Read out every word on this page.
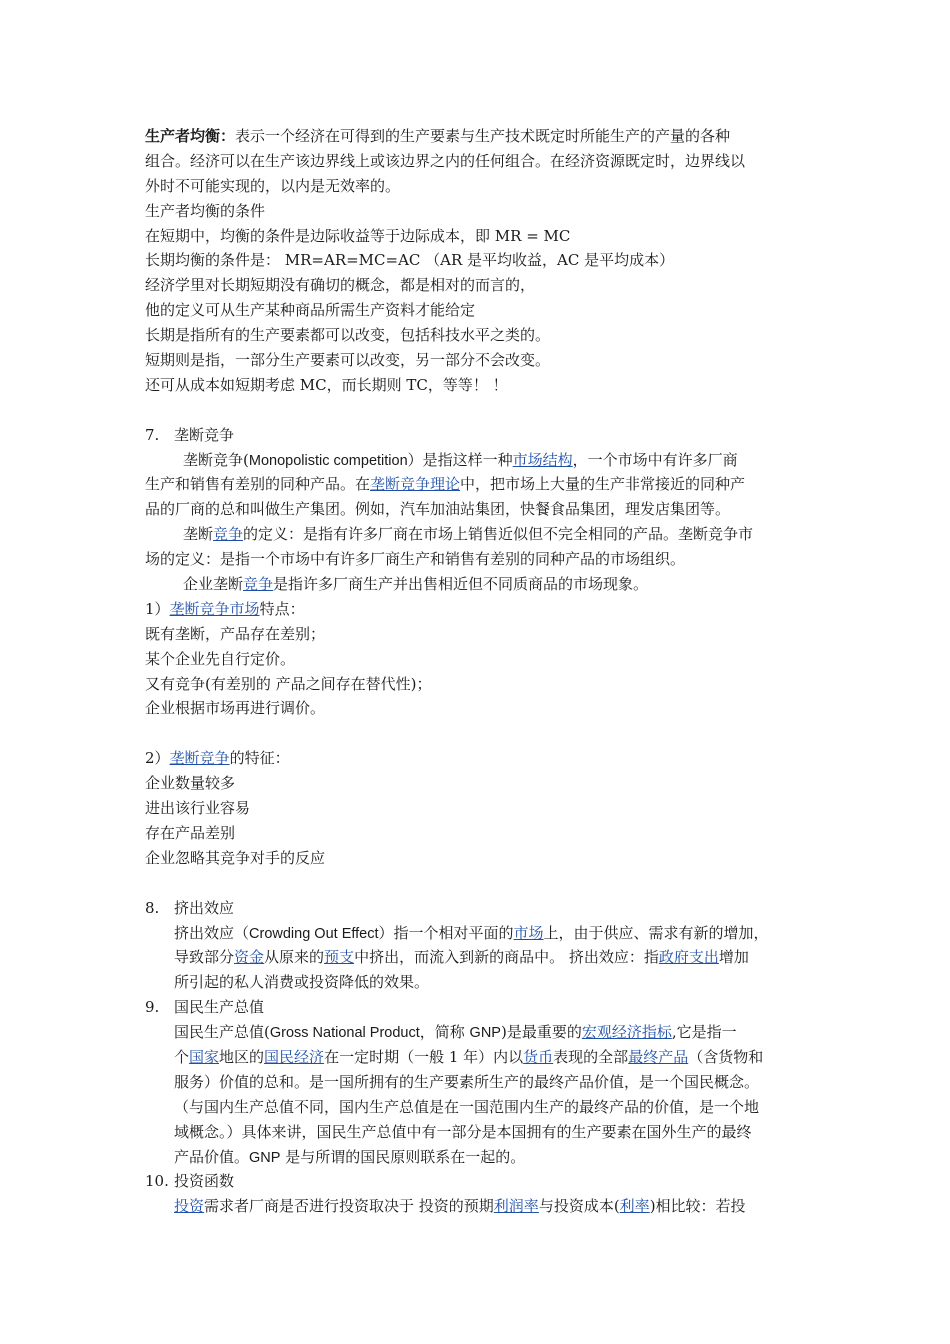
生产者均衡：表示一个经济在可得到的生产要素与生产技术既定时所能生产的产量的各种
组合。经济可以在生产该边界线上或该边界之内的任何组合。在经济资源既定时，边界线以
外时不可能实现的，以内是无效率的。
生产者均衡的条件
在短期中，均衡的条件是边际收益等于边际成本，即 MR = MC
长期均衡的条件是： MR=AR=MC=AC （AR 是平均收益，AC 是平均成本）
经济学里对长期短期没有确切的概念，都是相对的而言的，
他的定义可从生产某种商品所需生产资料才能给定
长期是指所有的生产要素都可以改变，包括科技水平之类的。
短期则是指，一部分生产要素可以改变，另一部分不会改变。
还可从成本如短期考虑 MC，而长期则 TC，等等！ ！
7. 垄断竞争
垄断竞争(Monopolistic competition）是指这样一种市场结构，一个市场中有许多厂商
生产和销售有差别的同种产品。在垄断竞争理论中，把市场上大量的生产非常接近的同种产
品的厂商的总和叫做生产集团。例如，汽车加油站集团，快餐食品集团，理发店集团等。
垄断竞争的定义：是指有许多厂商在市场上销售近似但不完全相同的产品。垄断竞争市
场的定义：是指一个市场中有许多厂商生产和销售有差别的同种产品的市场组织。
企业垄断竞争是指许多厂商生产并出售相近但不同质商品的市场现象。
1）垄断竞争市场特点：
既有垄断，产品存在差别；
某个企业先自行定价。
又有竞争(有差别的 产品之间存在替代性)；
企业根据市场再进行调价。
2）垄断竞争的特征：
企业数量较多
进出该行业容易
存在产品差别
企业忽略其竞争对手的反应
8. 挤出效应
挤出效应（Crowding Out Effect）指一个相对平面的市场上，由于供应、需求有新的增加，
导致部分资金从原来的预支中挤出，而流入到新的商品中。 挤出效应：指政府支出增加
所引起的私人消费或投资降低的效果。
9. 国民生产总值
国民生产总值(Gross National Product，简称 GNP)是最重要的宏观经济指标,它是指一
个国家地区的国民经济在一定时期（一般 1 年）内以货币表现的全部最终产品（含货物和
服务）价值的总和。是一国所拥有的生产要素所生产的最终产品价值，是一个国民概念。
（与国内生产总值不同，国内生产总值是在一国范围内生产的最终产品的价值，是一个地
域概念。）具体来讲，国民生产总值中有一部分是本国拥有的生产要素在国外生产的最终
产品价值。GNP 是与所谓的国民原则联系在一起的。
10. 投资函数
投资需求者厂商是否进行投资取决于 投资的预期利润率与投资成本(利率)相比较：若投
